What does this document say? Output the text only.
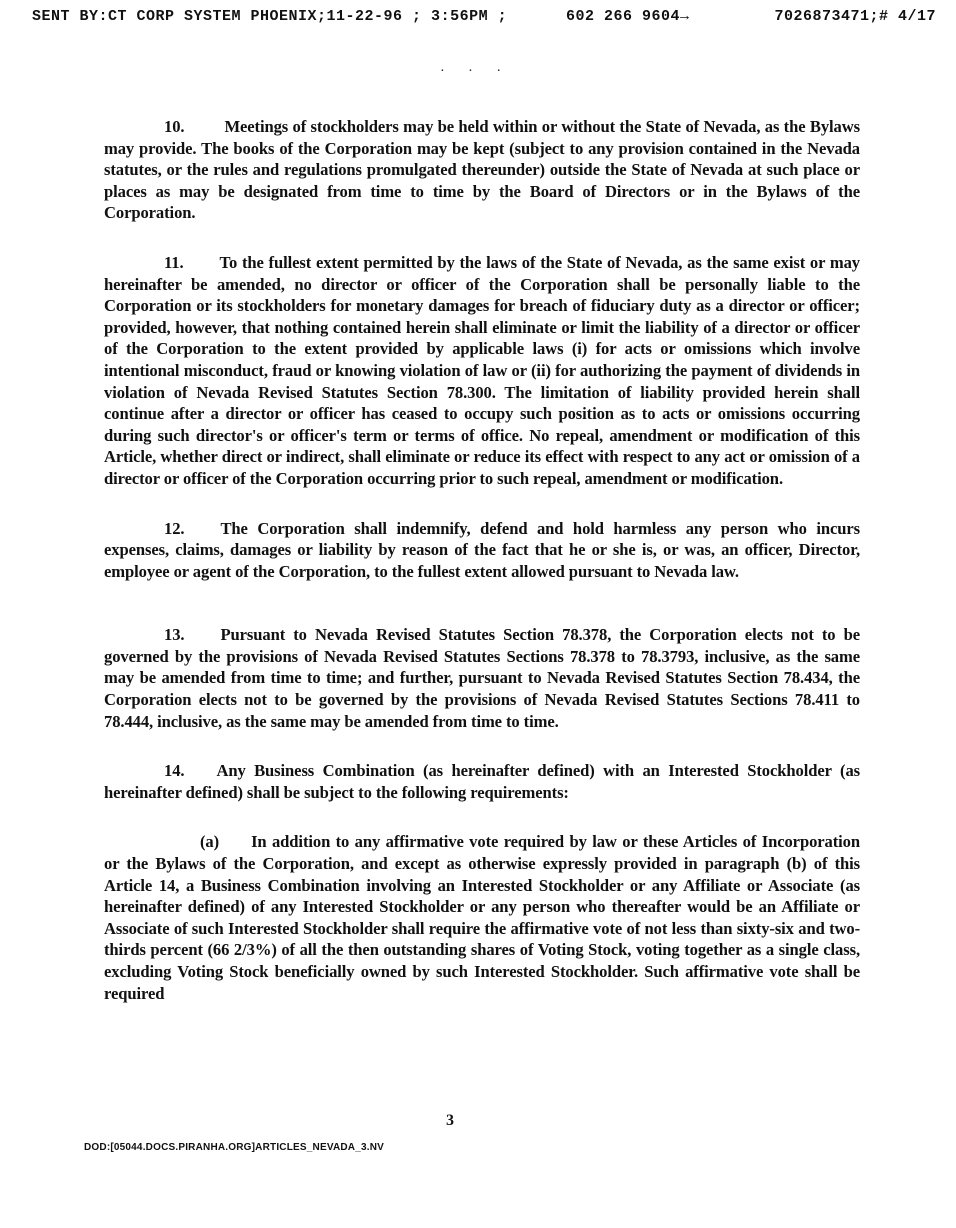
SENT BY:CT CORP SYSTEM PHOENIX;11-22-96 ; 3:56PM ;	602 266 9604→	7026873471;# 4/17
· · ·

10. Meetings of stockholders may be held within or without the State of Nevada, as the Bylaws may provide. The books of the Corporation may be kept (subject to any provision contained in the Nevada statutes, or the rules and regulations promulgated thereunder) outside the State of Nevada at such place or places as may be designated from time to time by the Board of Directors or in the Bylaws of the Corporation.

11. To the fullest extent permitted by the laws of the State of Nevada, as the same exist or may hereinafter be amended, no director or officer of the Corporation shall be personally liable to the Corporation or its stockholders for monetary damages for breach of fiduciary duty as a director or officer; provided, however, that nothing contained herein shall eliminate or limit the liability of a director or officer of the Corporation to the extent provided by applicable laws (i) for acts or omissions which involve intentional misconduct, fraud or knowing violation of law or (ii) for authorizing the payment of dividends in violation of Nevada Revised Statutes Section 78.300. The limitation of liability provided herein shall continue after a director or officer has ceased to occupy such position as to acts or omissions occurring during such director's or officer's term or terms of office. No repeal, amendment or modification of this Article, whether direct or indirect, shall eliminate or reduce its effect with respect to any act or omission of a director or officer of the Corporation occurring prior to such repeal, amendment or modification.

12. The Corporation shall indemnify, defend and hold harmless any person who incurs expenses, claims, damages or liability by reason of the fact that he or she is, or was, an officer, Director, employee or agent of the Corporation, to the fullest extent allowed pursuant to Nevada law.

13. Pursuant to Nevada Revised Statutes Section 78.378, the Corporation elects not to be governed by the provisions of Nevada Revised Statutes Sections 78.378 to 78.3793, inclusive, as the same may be amended from time to time; and further, pursuant to Nevada Revised Statutes Section 78.434, the Corporation elects not to be governed by the provisions of Nevada Revised Statutes Sections 78.411 to 78.444, inclusive, as the same may be amended from time to time.

14. Any Business Combination (as hereinafter defined) with an Interested Stockholder (as hereinafter defined) shall be subject to the following requirements:

(a) In addition to any affirmative vote required by law or these Articles of Incorporation or the Bylaws of the Corporation, and except as otherwise expressly provided in paragraph (b) of this Article 14, a Business Combination involving an Interested Stockholder or any Affiliate or Associate (as hereinafter defined) of any Interested Stockholder or any person who thereafter would be an Affiliate or Associate of such Interested Stockholder shall require the affirmative vote of not less than sixty-six and two-thirds percent (66 2/3%) of all the then outstanding shares of Voting Stock, voting together as a single class, excluding Voting Stock beneficially owned by such Interested Stockholder. Such affirmative vote shall be required

3
DOD:[05044.DOCS.PIRANHA.ORG]ARTICLES_NEVADA_3.NV
